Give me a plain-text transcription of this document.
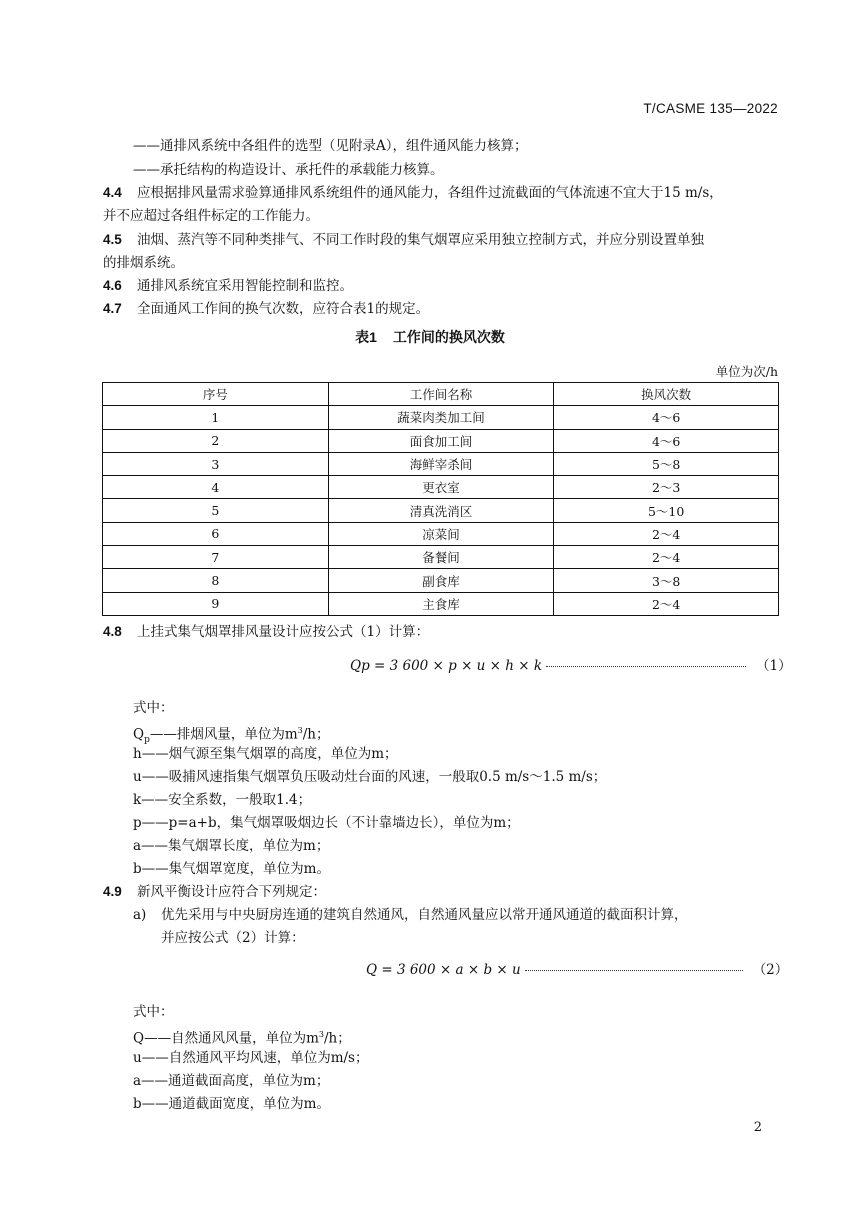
T/CASME 135—2022
——通排风系统中各组件的选型（见附录A），组件通风能力核算；
——承托结构的构造设计、承托件的承载能力核算。
4.4 应根据排风量需求验算通排风系统组件的通风能力，各组件过流截面的气体流速不宜大于15 m/s，
并不应超过各组件标定的工作能力。
4.5 油烟、蒸汽等不同种类排气、不同工作时段的集气烟罩应采用独立控制方式，并应分别设置单独
的排烟系统。
4.6 通排风系统宜采用智能控制和监控。
4.7 全面通风工作间的换气次数，应符合表1的规定。
表1 工作间的换风次数
单位为次/h
序号	工作间名称	换风次数
1	蔬菜肉类加工间	4～6
2	面食加工间	4～6
3	海鲜宰杀间	5～8
4	更衣室	2～3
5	清真洗消区	5～10
6	凉菜间	2～4
7	备餐间	2～4
8	副食库	3～8
9	主食库	2～4
4.8 上挂式集气烟罩排风量设计应按公式（1）计算：
Qp = 3 600 × p × u × h × k	（1）
式中：
$Q_p——$排烟风量，单位为$m^3/h$；
h——烟气源至集气烟罩的高度，单位为m；
u——吸捕风速指集气烟罩负压吸动灶台面的风速，一般取0.5 m/s～1.5 m/s；
k——安全系数，一般取1.4；
p——p=a+b，集气烟罩吸烟边长（不计靠墙边长），单位为m；
a——集气烟罩长度，单位为m；
b——集气烟罩宽度，单位为m。
4.9 新风平衡设计应符合下列规定：
a) 优先采用与中央厨房连通的建筑自然通风，自然通风量应以常开通风通道的截面积计算，
并应按公式（2）计算：
Q = 3 600 × a × b × u	（2）
式中：
Q——自然通风风量，单位为$m^3/h$；
u——自然通风平均风速，单位为m/s；
a——通道截面高度，单位为m；
b——通道截面宽度，单位为m。
2
